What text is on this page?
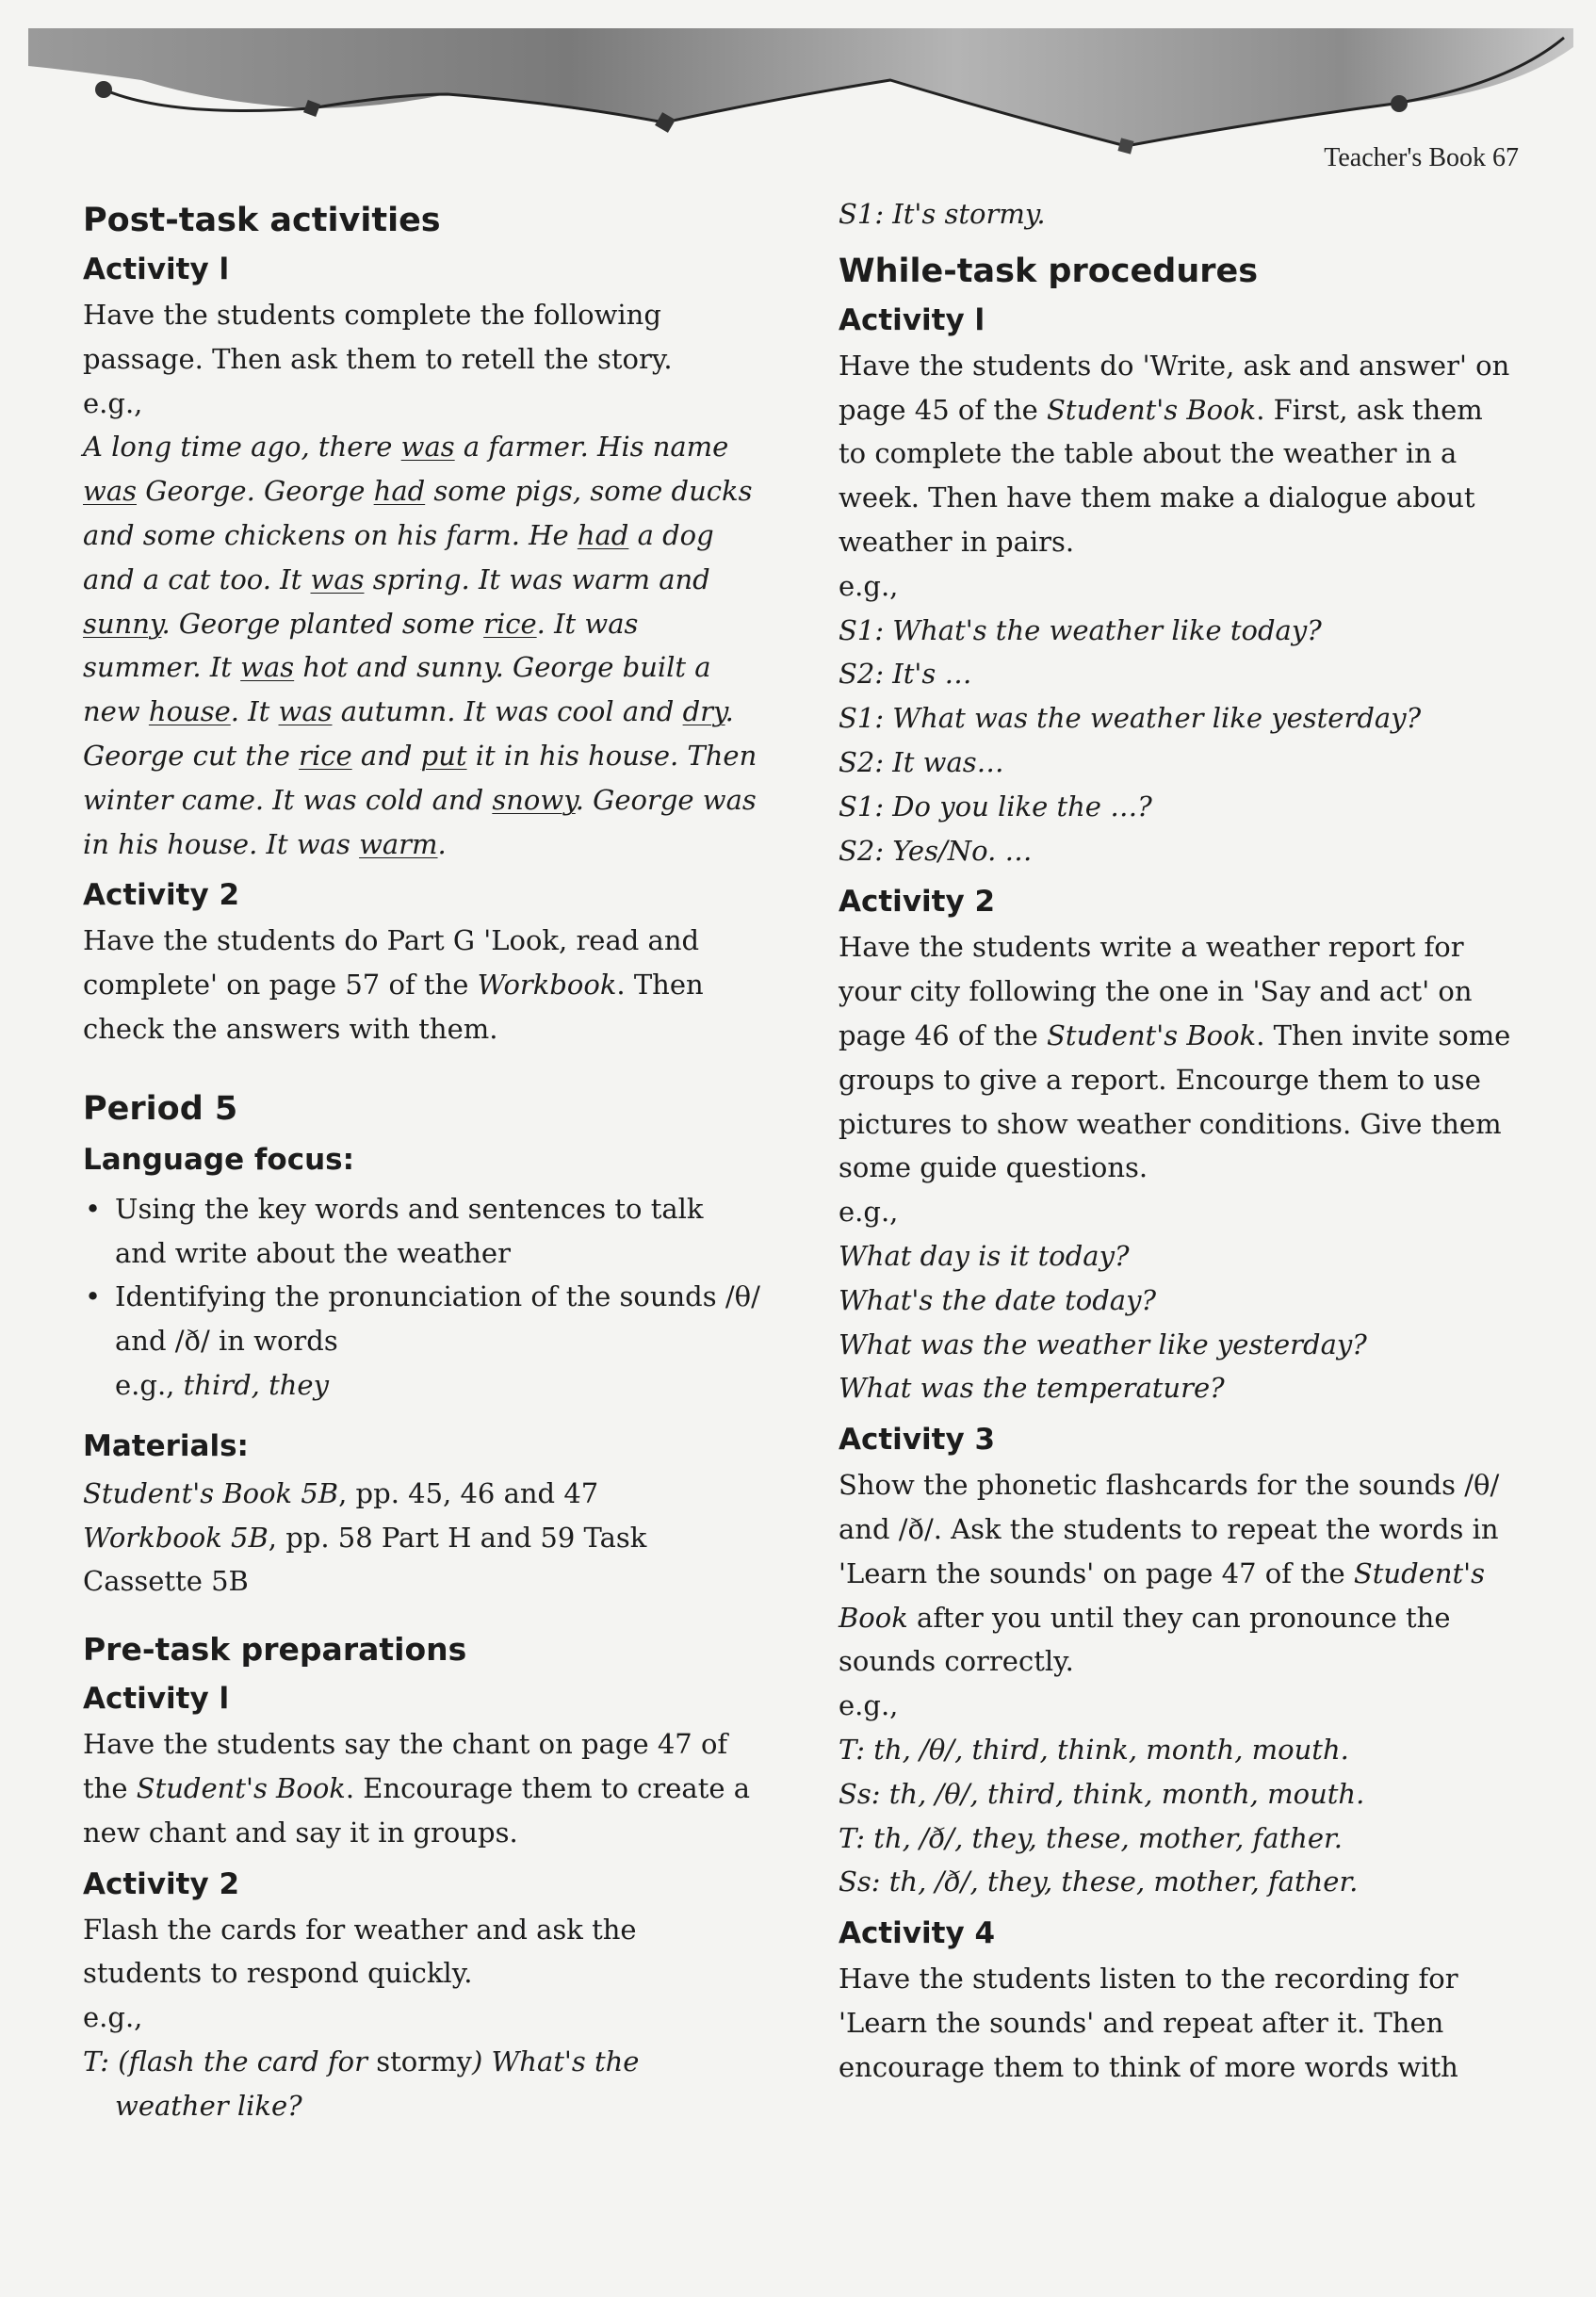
Teacher's Book 67
Post-task activities
Activity l

Have the students complete the following passage. Then ask them to retell the story.

e.g.,

A long time ago, there was a farmer. His name was George. George had some pigs, some ducks and some chickens on his farm. He had a dog and a cat too. It was spring. It was warm and sunny. George planted some rice. It was summer. It was hot and sunny. George built a new house. It was autumn. It was cool and dry. George cut the rice and put it in his house. Then winter came. It was cold and snowy. George was in his house. It was warm.

Activity 2

Have the students do Part G 'Look, read and complete' on page 57 of the Workbook. Then check the answers with them.

Period 5
Language focus:
• Using the key words and sentences to talk and write about the weather
• Identifying the pronunciation of the sounds /θ/ and /ð/ in words

e.g., third, they

Materials:

Student's Book 5B, pp. 45, 46 and 47

Workbook 5B, pp. 58 Part H and 59 Task

Cassette 5B

Pre-task preparations
Activity l

Have the students say the chant on page 47 of the Student's Book. Encourage them to create a new chant and say it in groups.

Activity 2

Flash the cards for weather and ask the students to respond quickly.

e.g.,

T: (flash the card for stormy) What's the weather like?

S1: It's stormy.

While-task procedures
Activity l

Have the students do 'Write, ask and answer' on page 45 of the Student's Book. First, ask them to complete the table about the weather in a week. Then have them make a dialogue about weather in pairs.

e.g.,

S1: What's the weather like today?

S2: It's …

S1: What was the weather like yesterday?

S2: It was…

S1: Do you like the …?

S2: Yes/No. …

Activity 2

Have the students write a weather report for your city following the one in 'Say and act' on page 46 of the Student's Book. Then invite some groups to give a report. Encourge them to use pictures to show weather conditions. Give them some guide questions.

e.g.,

What day is it today?

What's the date today?

What was the weather like yesterday?

What was the temperature?

Activity 3

Show the phonetic flashcards for the sounds /θ/ and /ð/. Ask the students to repeat the words in 'Learn the sounds' on page 47 of the Student's Book after you until they can pronounce the sounds correctly.

e.g.,

T: th, /θ/, third, think, month, mouth.

Ss: th, /θ/, third, think, month, mouth.

T: th, /ð/, they, these, mother, father.

Ss: th, /ð/, they, these, mother, father.

Activity 4

Have the students listen to the recording for 'Learn the sounds' and repeat after it. Then encourage them to think of more words with
